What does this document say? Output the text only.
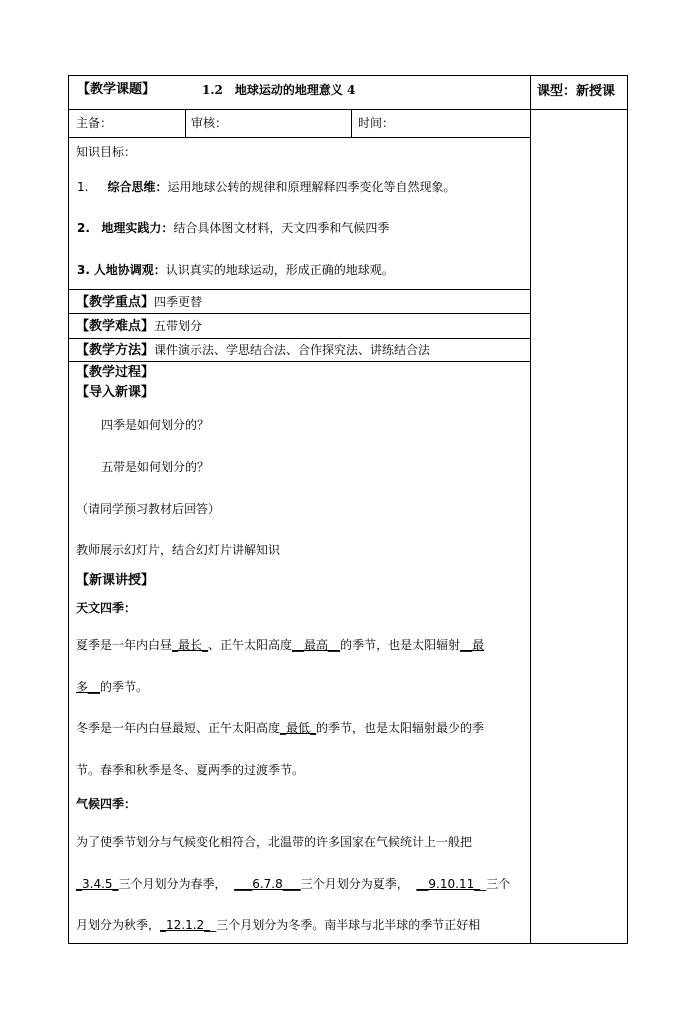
【教学课题】	1.2　地球运动的地理意义 4	课型：新授课
主备：	审核：	时间：
知识目标：
1. 综合思维：运用地球公转的规律和原理解释四季变化等自然现象。
2. 地理实践力：结合具体图文材料，天文四季和气候四季
3. 人地协调观：认识真实的地球运动，形成正确的地球观。
【教学重点】四季更替
【教学难点】五带划分
【教学方法】课件演示法、学思结合法、合作探究法、讲练结合法
【教学过程】
【导入新课】
四季是如何划分的？
五带是如何划分的？
（请同学预习教材后回答）
教师展示幻灯片，结合幻灯片讲解知识
【新课讲授】
天文四季：
夏季是一年内白昼_最长_、正午太阳高度__最高__的季节，也是太阳辐射__最
多__的季节。
冬季是一年内白昼最短、正午太阳高度_最低_的季节，也是太阳辐射最少的季
节。春季和秋季是冬、夏两季的过渡季节。
气候四季：
为了使季节划分与气候变化相符合，北温带的许多国家在气候统计上一般把
_3.4.5_三个月划分为春季， ___6.7.8___三个月划分为夏季， __9.10.11__三个
月划分为秋季，_12.1.2__三个月划分为冬季。南半球与北半球的季节正好相
